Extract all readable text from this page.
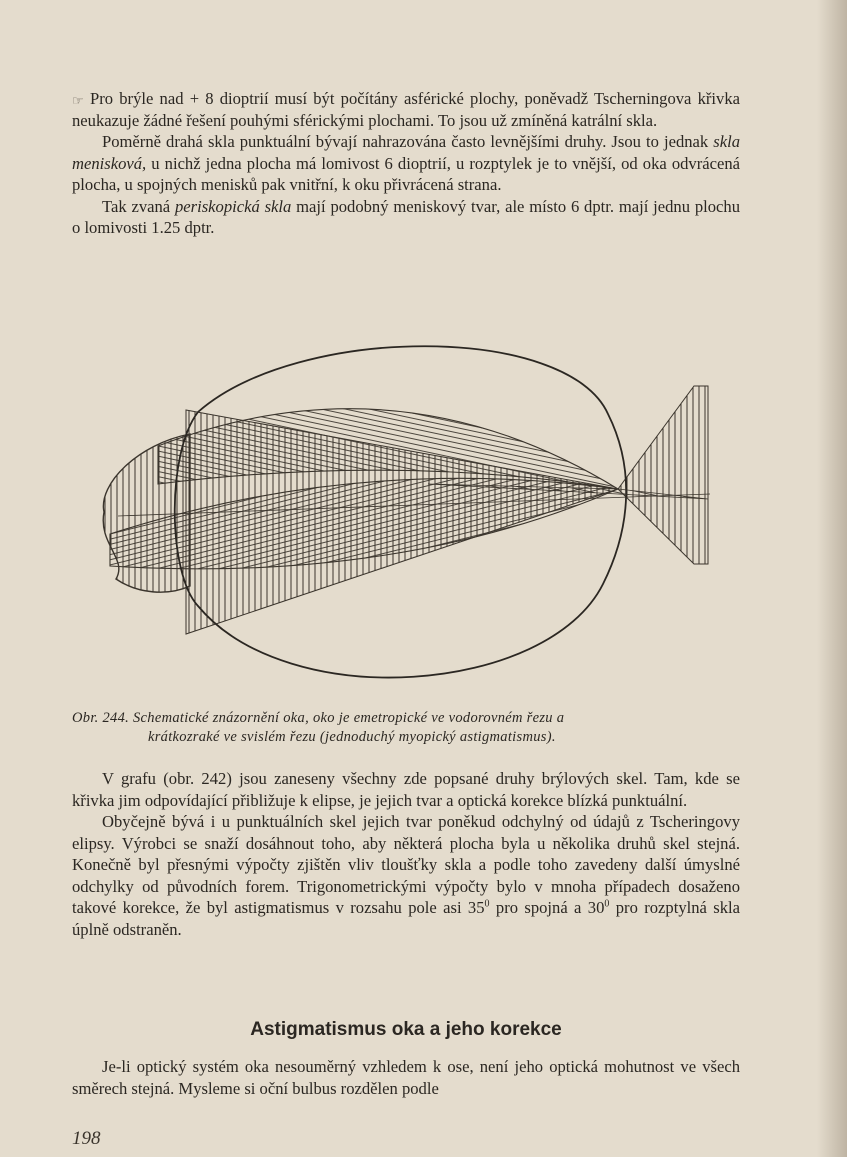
☞ Pro brýle nad + 8 dioptrií musí být počítány asférické plochy, poněvadž Tscherningova křivka neukazuje žádné řešení pouhými sférickými plochami. To jsou už zmíněná katrální skla.

Poměrně drahá skla punktuální bývají nahrazována často levnějšími druhy. Jsou to jednak skla menisková, u nichž jedna plocha má lomivost 6 dioptrií, u rozptylek je to vnější, od oka odvrácená plocha, u spojných menisků pak vnitřní, k oku přivrácená strana.

Tak zvaná periskopická skla mají podobný meniskový tvar, ale místo 6 dptr. mají jednu plochu o lomivosti 1.25 dptr.

Obr. 244. Schematické znázornění oka, oko je emetropické ve vodorovném řezu a
krátkozraké ve svislém řezu (jednoduchý myopický astigmatismus).

V grafu (obr. 242) jsou zaneseny všechny zde popsané druhy brýlových skel. Tam, kde se křivka jim odpovídající přibližuje k elipse, je jejich tvar a optická korekce blízká punktuální.

Obyčejně bývá i u punktuálních skel jejich tvar poněkud odchylný od údajů z Tscheringovy elipsy. Výrobci se snaží dosáhnout toho, aby některá plocha byla u několika druhů skel stejná. Konečně byl přesnými výpočty zjištěn vliv tloušťky skla a podle toho zavedeny další úmyslné odchylky od původních forem. Trigonometrickými výpočty bylo v mnoha případech dosaženo takové korekce, že byl astigmatismus v rozsahu pole asi $35^0$ pro spojná a $30^0$ pro rozptylná skla úplně odstraněn.

Astigmatismus oka a jeho korekce

Je-li optický systém oka nesouměrný vzhledem k ose, není jeho optická mohutnost ve všech směrech stejná. Mysleme si oční bulbus rozdělen podle

198
